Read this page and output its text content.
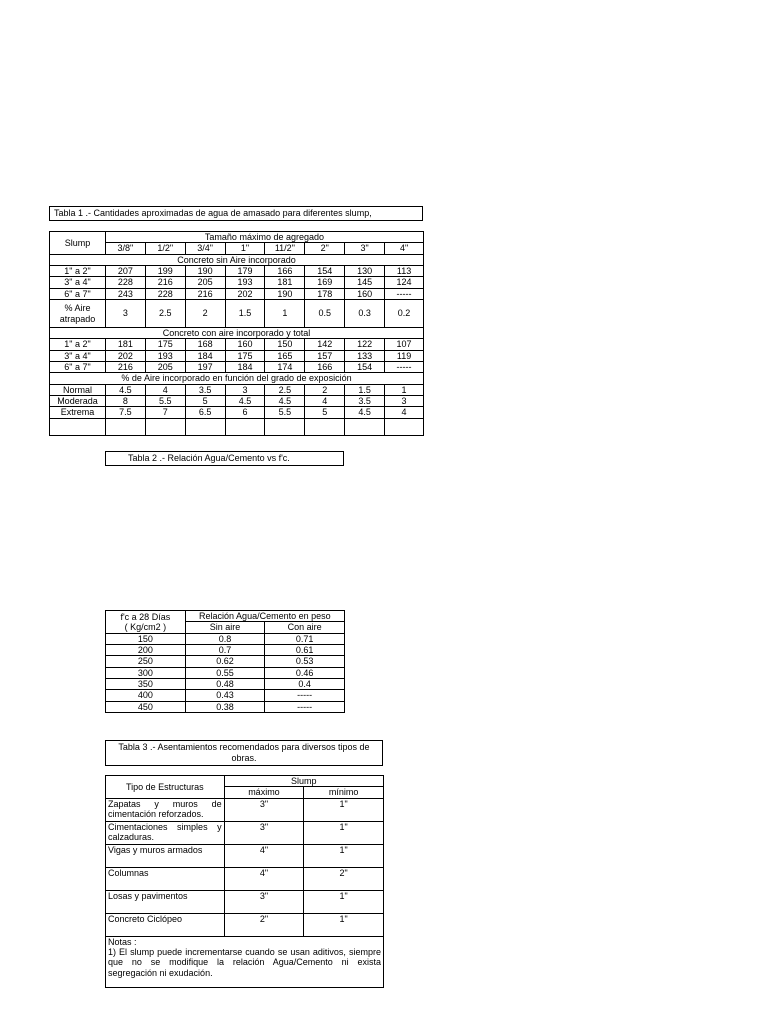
Tabla 1 .- Cantidades aproximadas de agua de amasado para diferentes slump,
Slump	Tamaño máximo de agregado							
	3/8"	1/2"	3/4"	1"	11/2"	2"	3"	4"
Concreto sin Aire incorporado								
1" a 2"	207	199	190	179	166	154	130	113
3" a 4"	228	216	205	193	181	169	145	124
6" a 7"	243	228	216	202	190	178	160	-----
% Aire
atrapado	3	2.5	2	1.5	1	0.5	0.3	0.2
Concreto con aire incorporado y total								
1" a 2"	181	175	168	160	150	142	122	107
3" a 4"	202	193	184	175	165	157	133	119
6" a 7"	216	205	197	184	174	166	154	-----
% de Aire incorporado en función del grado de exposición								
Normal	4.5	4	3.5	3	2.5	2	1.5	1
Moderada	8	5.5	5	4.5	4.5	4	3.5	3
Extrema	7.5	7	6.5	6	5.5	5	4.5	4

Tabla 2 .- Relación Agua/Cemento vs f'c.
f'c a 28 Días
( Kg/cm2 )	Relación Agua/Cemento en peso	
	Sin aire	Con aire
150	0.8	0.71
200	0.7	0.61
250	0.62	0.53
300	0.55	0.46
350	0.48	0.4
400	0.43	-----
450	0.38	-----
Tabla 3 .- Asentamientos recomendados para diversos tipos de obras.
Tipo de Estructuras	Slump	
	máximo	mínimo
Zapatas y muros de cimentación reforzados.	3"	1"
Cimentaciones simples y calzaduras.	3"	1"
Vigas y muros armados	4"	1"
Columnas	4"	2"
Losas y pavimentos	3"	1"
Concreto Ciclópeo	2"	1"

Notas :
1) El slump puede incrementarse cuando se usan aditivos, siempre que no se modifique la relación Agua/Cemento ni exista segregación ni exudación.		
